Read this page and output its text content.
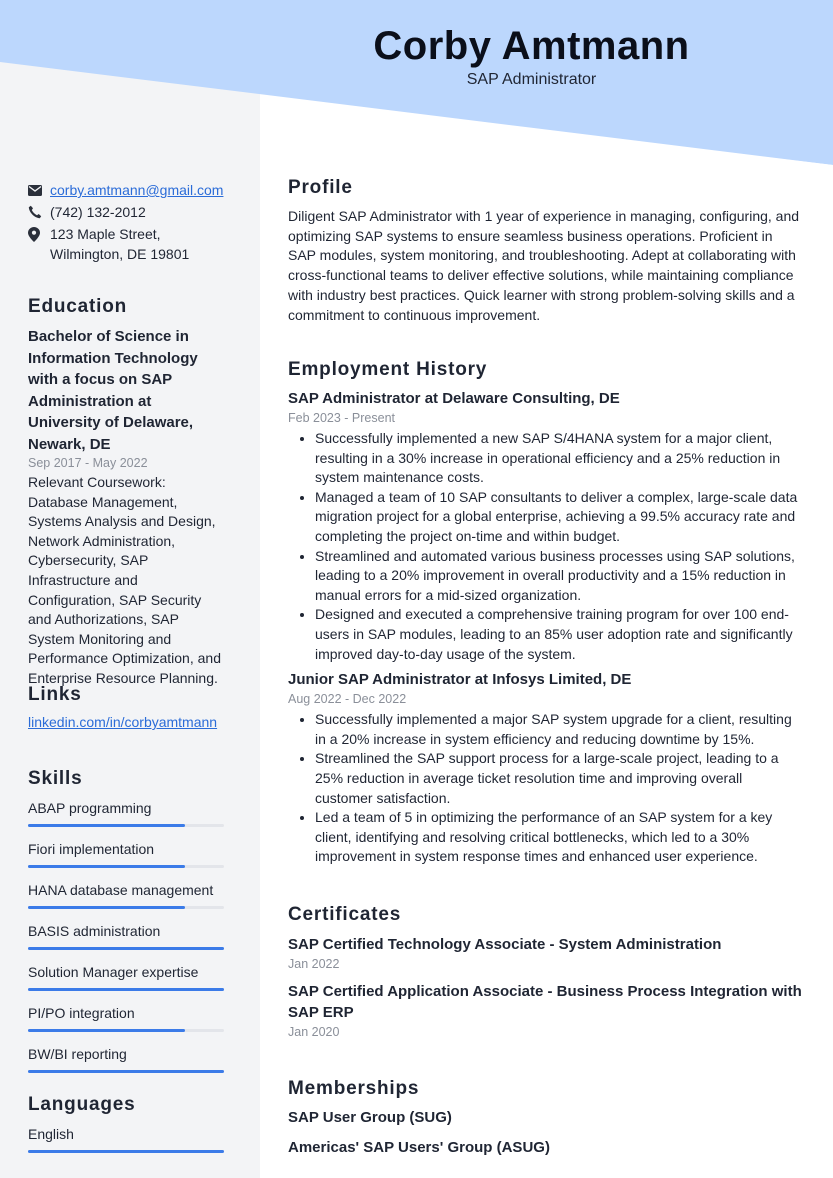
Corby Amtmann
SAP Administrator
corby.amtmann@gmail.com
(742) 132-2012
123 Maple Street,
Wilmington, DE 19801
Education
Bachelor of Science in Information Technology with a focus on SAP Administration at University of Delaware, Newark, DE
Sep 2017 - May 2022
Relevant Coursework: Database Management, Systems Analysis and Design, Network Administration, Cybersecurity, SAP Infrastructure and Configuration, SAP Security and Authorizations, SAP System Monitoring and Performance Optimization, and Enterprise Resource Planning.
Links
linkedin.com/in/corbyamtmann
Skills
ABAP programming
Fiori implementation
HANA database management
BASIS administration
Solution Manager expertise
PI/PO integration
BW/BI reporting
Languages
English
Profile
Diligent SAP Administrator with 1 year of experience in managing, configuring, and optimizing SAP systems to ensure seamless business operations. Proficient in SAP modules, system monitoring, and troubleshooting. Adept at collaborating with cross-functional teams to deliver effective solutions, while maintaining compliance with industry best practices. Quick learner with strong problem-solving skills and a commitment to continuous improvement.
Employment History
SAP Administrator at Delaware Consulting, DE
Feb 2023 - Present
• Successfully implemented a new SAP S/4HANA system for a major client, resulting in a 30% increase in operational efficiency and a 25% reduction in system maintenance costs.
• Managed a team of 10 SAP consultants to deliver a complex, large-scale data migration project for a global enterprise, achieving a 99.5% accuracy rate and completing the project on-time and within budget.
• Streamlined and automated various business processes using SAP solutions, leading to a 20% improvement in overall productivity and a 15% reduction in manual errors for a mid-sized organization.
• Designed and executed a comprehensive training program for over 100 end-users in SAP modules, leading to an 85% user adoption rate and significantly improved day-to-day usage of the system.
Junior SAP Administrator at Infosys Limited, DE
Aug 2022 - Dec 2022
• Successfully implemented a major SAP system upgrade for a client, resulting in a 20% increase in system efficiency and reducing downtime by 15%.
• Streamlined the SAP support process for a large-scale project, leading to a 25% reduction in average ticket resolution time and improving overall customer satisfaction.
• Led a team of 5 in optimizing the performance of an SAP system for a key client, identifying and resolving critical bottlenecks, which led to a 30% improvement in system response times and enhanced user experience.
Certificates
SAP Certified Technology Associate - System Administration
Jan 2022
SAP Certified Application Associate - Business Process Integration with SAP ERP
Jan 2020
Memberships
SAP User Group (SUG)
Americas' SAP Users' Group (ASUG)
